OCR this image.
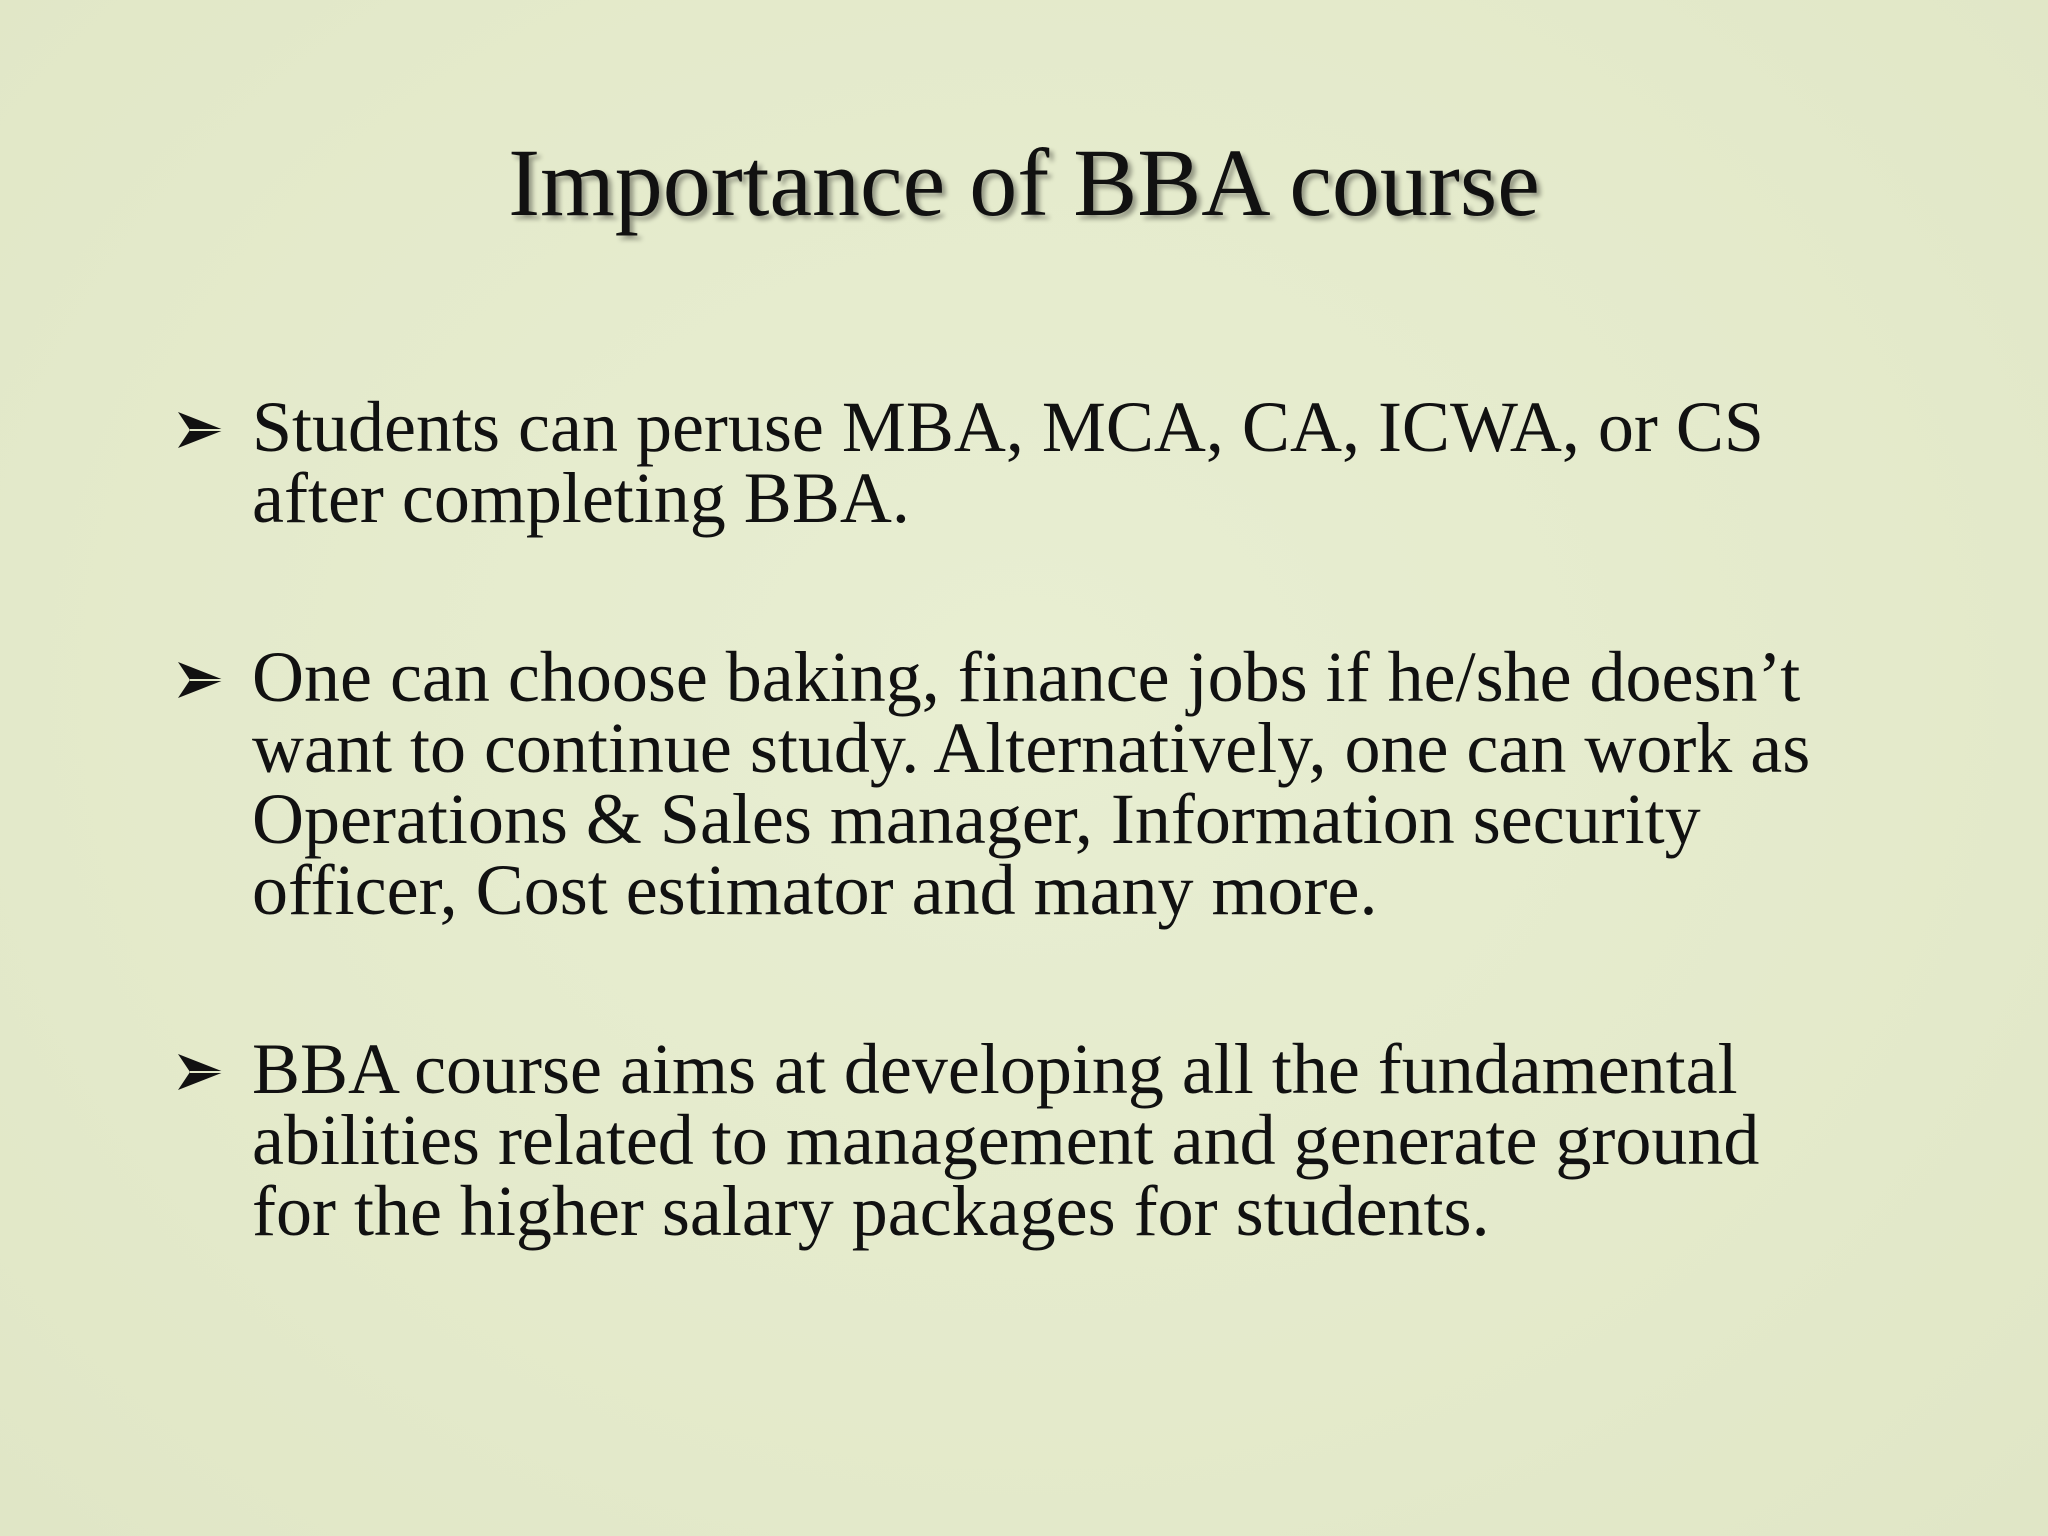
Importance of BBA course
Students can peruse MBA, MCA, CA, ICWA, or CS
after completing BBA.
One can choose baking, finance jobs if he/she doesn’t
want to continue study. Alternatively, one can work as
Operations & Sales manager, Information security
officer, Cost estimator and many more.
BBA course aims at developing all the fundamental
abilities related to management and generate ground
for the higher salary packages for students.
